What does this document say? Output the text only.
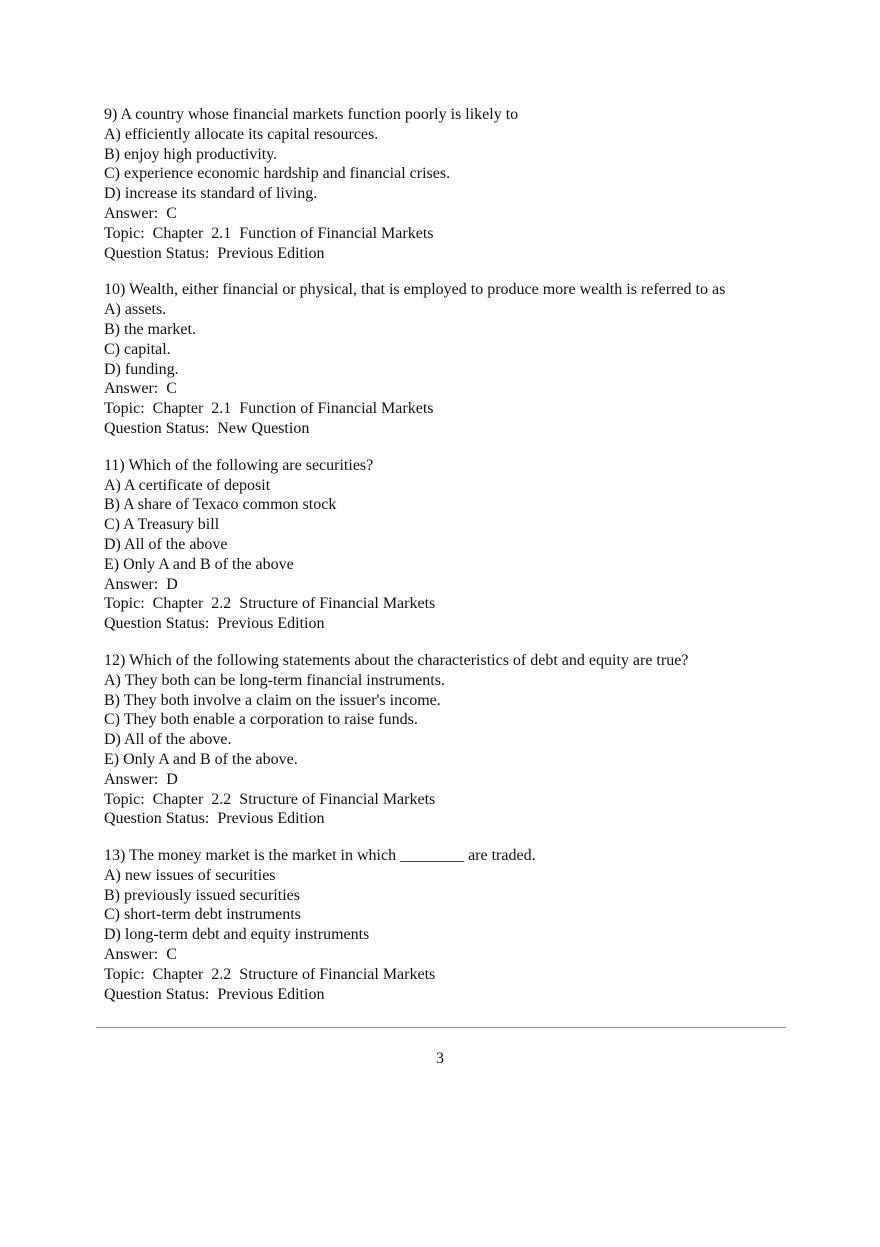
9) A country whose financial markets function poorly is likely to
A) efficiently allocate its capital resources.
B) enjoy high productivity.
C) experience economic hardship and financial crises.
D) increase its standard of living.
Answer:  C
Topic:  Chapter  2.1  Function of Financial Markets
Question Status:  Previous Edition
10) Wealth, either financial or physical, that is employed to produce more wealth is referred to as
A) assets.
B) the market.
C) capital.
D) funding.
Answer:  C
Topic:  Chapter  2.1  Function of Financial Markets
Question Status:  New Question
11) Which of the following are securities?
A) A certificate of deposit
B) A share of Texaco common stock
C) A Treasury bill
D) All of the above
E) Only A and B of the above
Answer:  D
Topic:  Chapter  2.2  Structure of Financial Markets
Question Status:  Previous Edition
12) Which of the following statements about the characteristics of debt and equity are true?
A) They both can be long-term financial instruments.
B) They both involve a claim on the issuer's income.
C) They both enable a corporation to raise funds.
D) All of the above.
E) Only A and B of the above.
Answer:  D
Topic:  Chapter  2.2  Structure of Financial Markets
Question Status:  Previous Edition
13) The money market is the market in which ________ are traded.
A) new issues of securities
B) previously issued securities
C) short-term debt instruments
D) long-term debt and equity instruments
Answer:  C
Topic:  Chapter  2.2  Structure of Financial Markets
Question Status:  Previous Edition
3
